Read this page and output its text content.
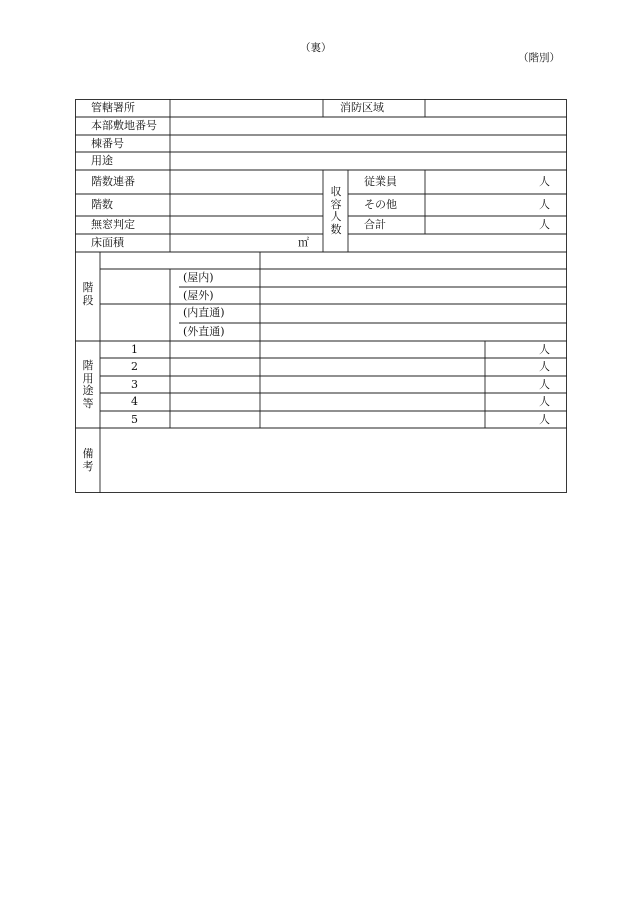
（裏）
（階別）
管轄署所	消防区域
本部敷地番号
棟番号
用途
階数連番
階数
無窓判定
床面積	㎡
収容人数
従業員
その他
合計
人
人
人
階段
(屋内)
(屋外)
(内直通)
(外直通)
階用途等
1
2
3
4
5
人
人
人
人
人
備考
